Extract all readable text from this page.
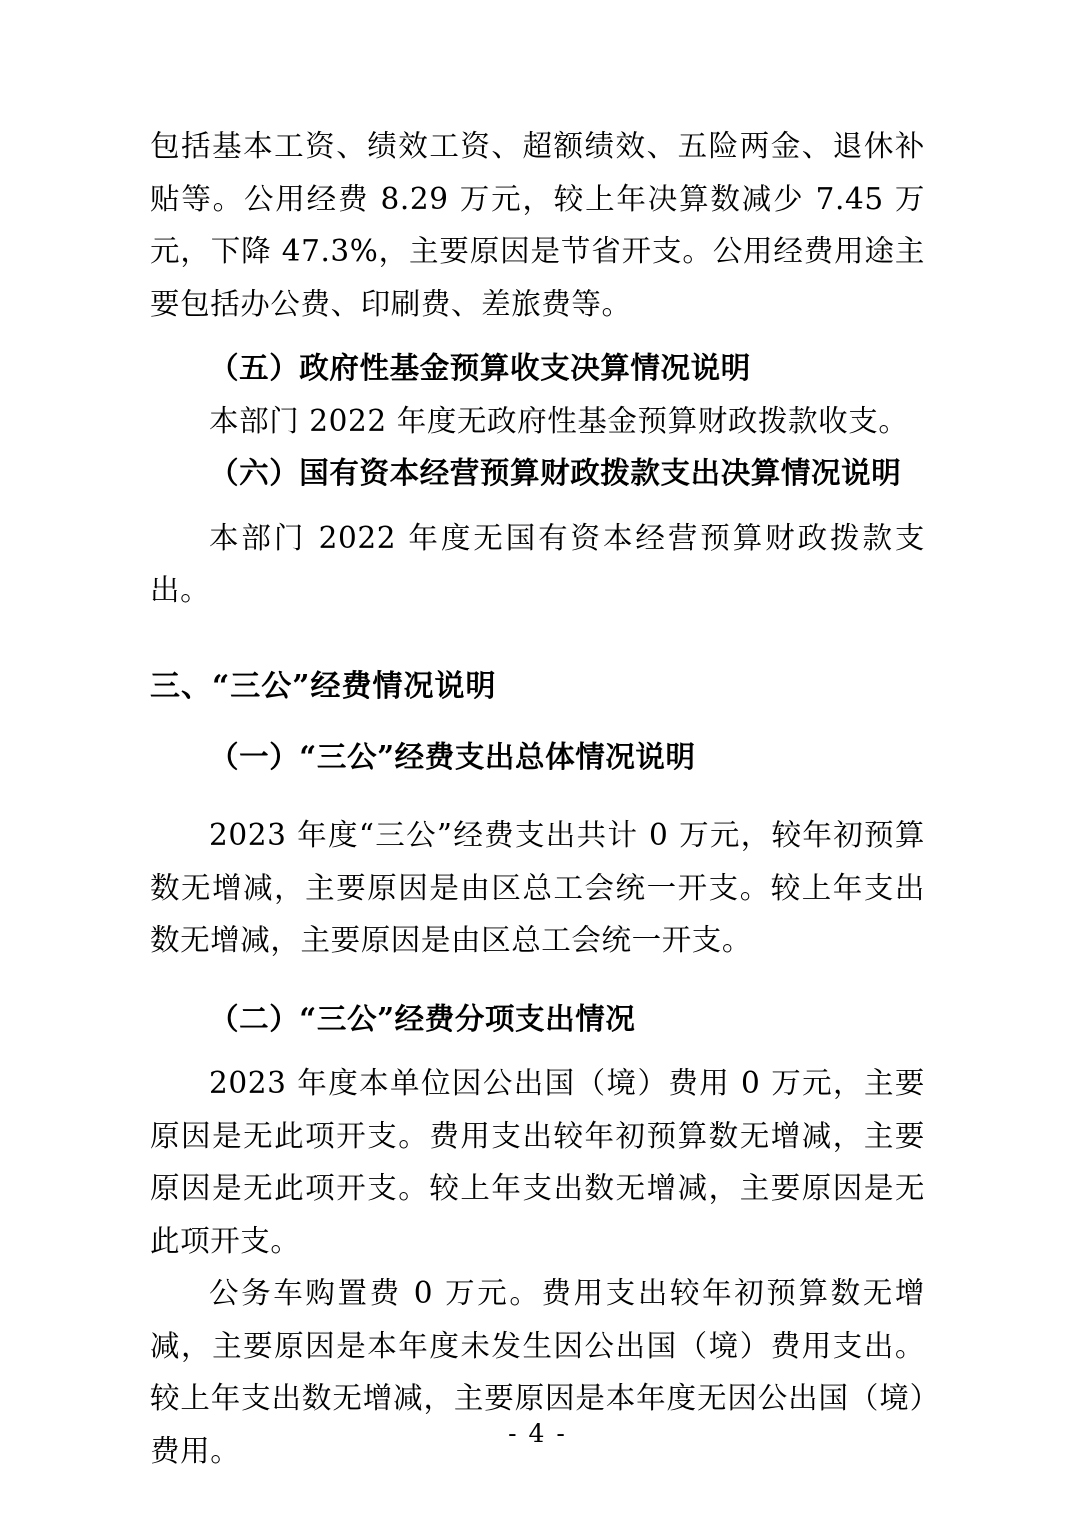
包括基本工资、绩效工资、超额绩效、五险两金、退休补贴等。公用经费 8.29 万元，较上年决算数减少 7.45 万元，下降 47.3%，主要原因是节省开支。公用经费用途主要包括办公费、印刷费、差旅费等。

（五）政府性基金预算收支决算情况说明

本部门 2022 年度无政府性基金预算财政拨款收支。

（六）国有资本经营预算财政拨款支出决算情况说明

本部门 2022 年度无国有资本经营预算财政拨款支出。

三、“三公”经费情况说明

（一）“三公”经费支出总体情况说明

2023 年度“三公”经费支出共计 0 万元，较年初预算数无增减，主要原因是由区总工会统一开支。较上年支出数无增减，主要原因是由区总工会统一开支。

（二）“三公”经费分项支出情况

2023 年度本单位因公出国（境）费用 0 万元，主要原因是无此项开支。费用支出较年初预算数无增减，主要原因是无此项开支。较上年支出数无增减，主要原因是无此项开支。

公务车购置费 0 万元。费用支出较年初预算数无增减，主要原因是本年度未发生因公出国（境）费用支出。较上年支出数无增减，主要原因是本年度无因公出国（境）费用。	- 4 -
